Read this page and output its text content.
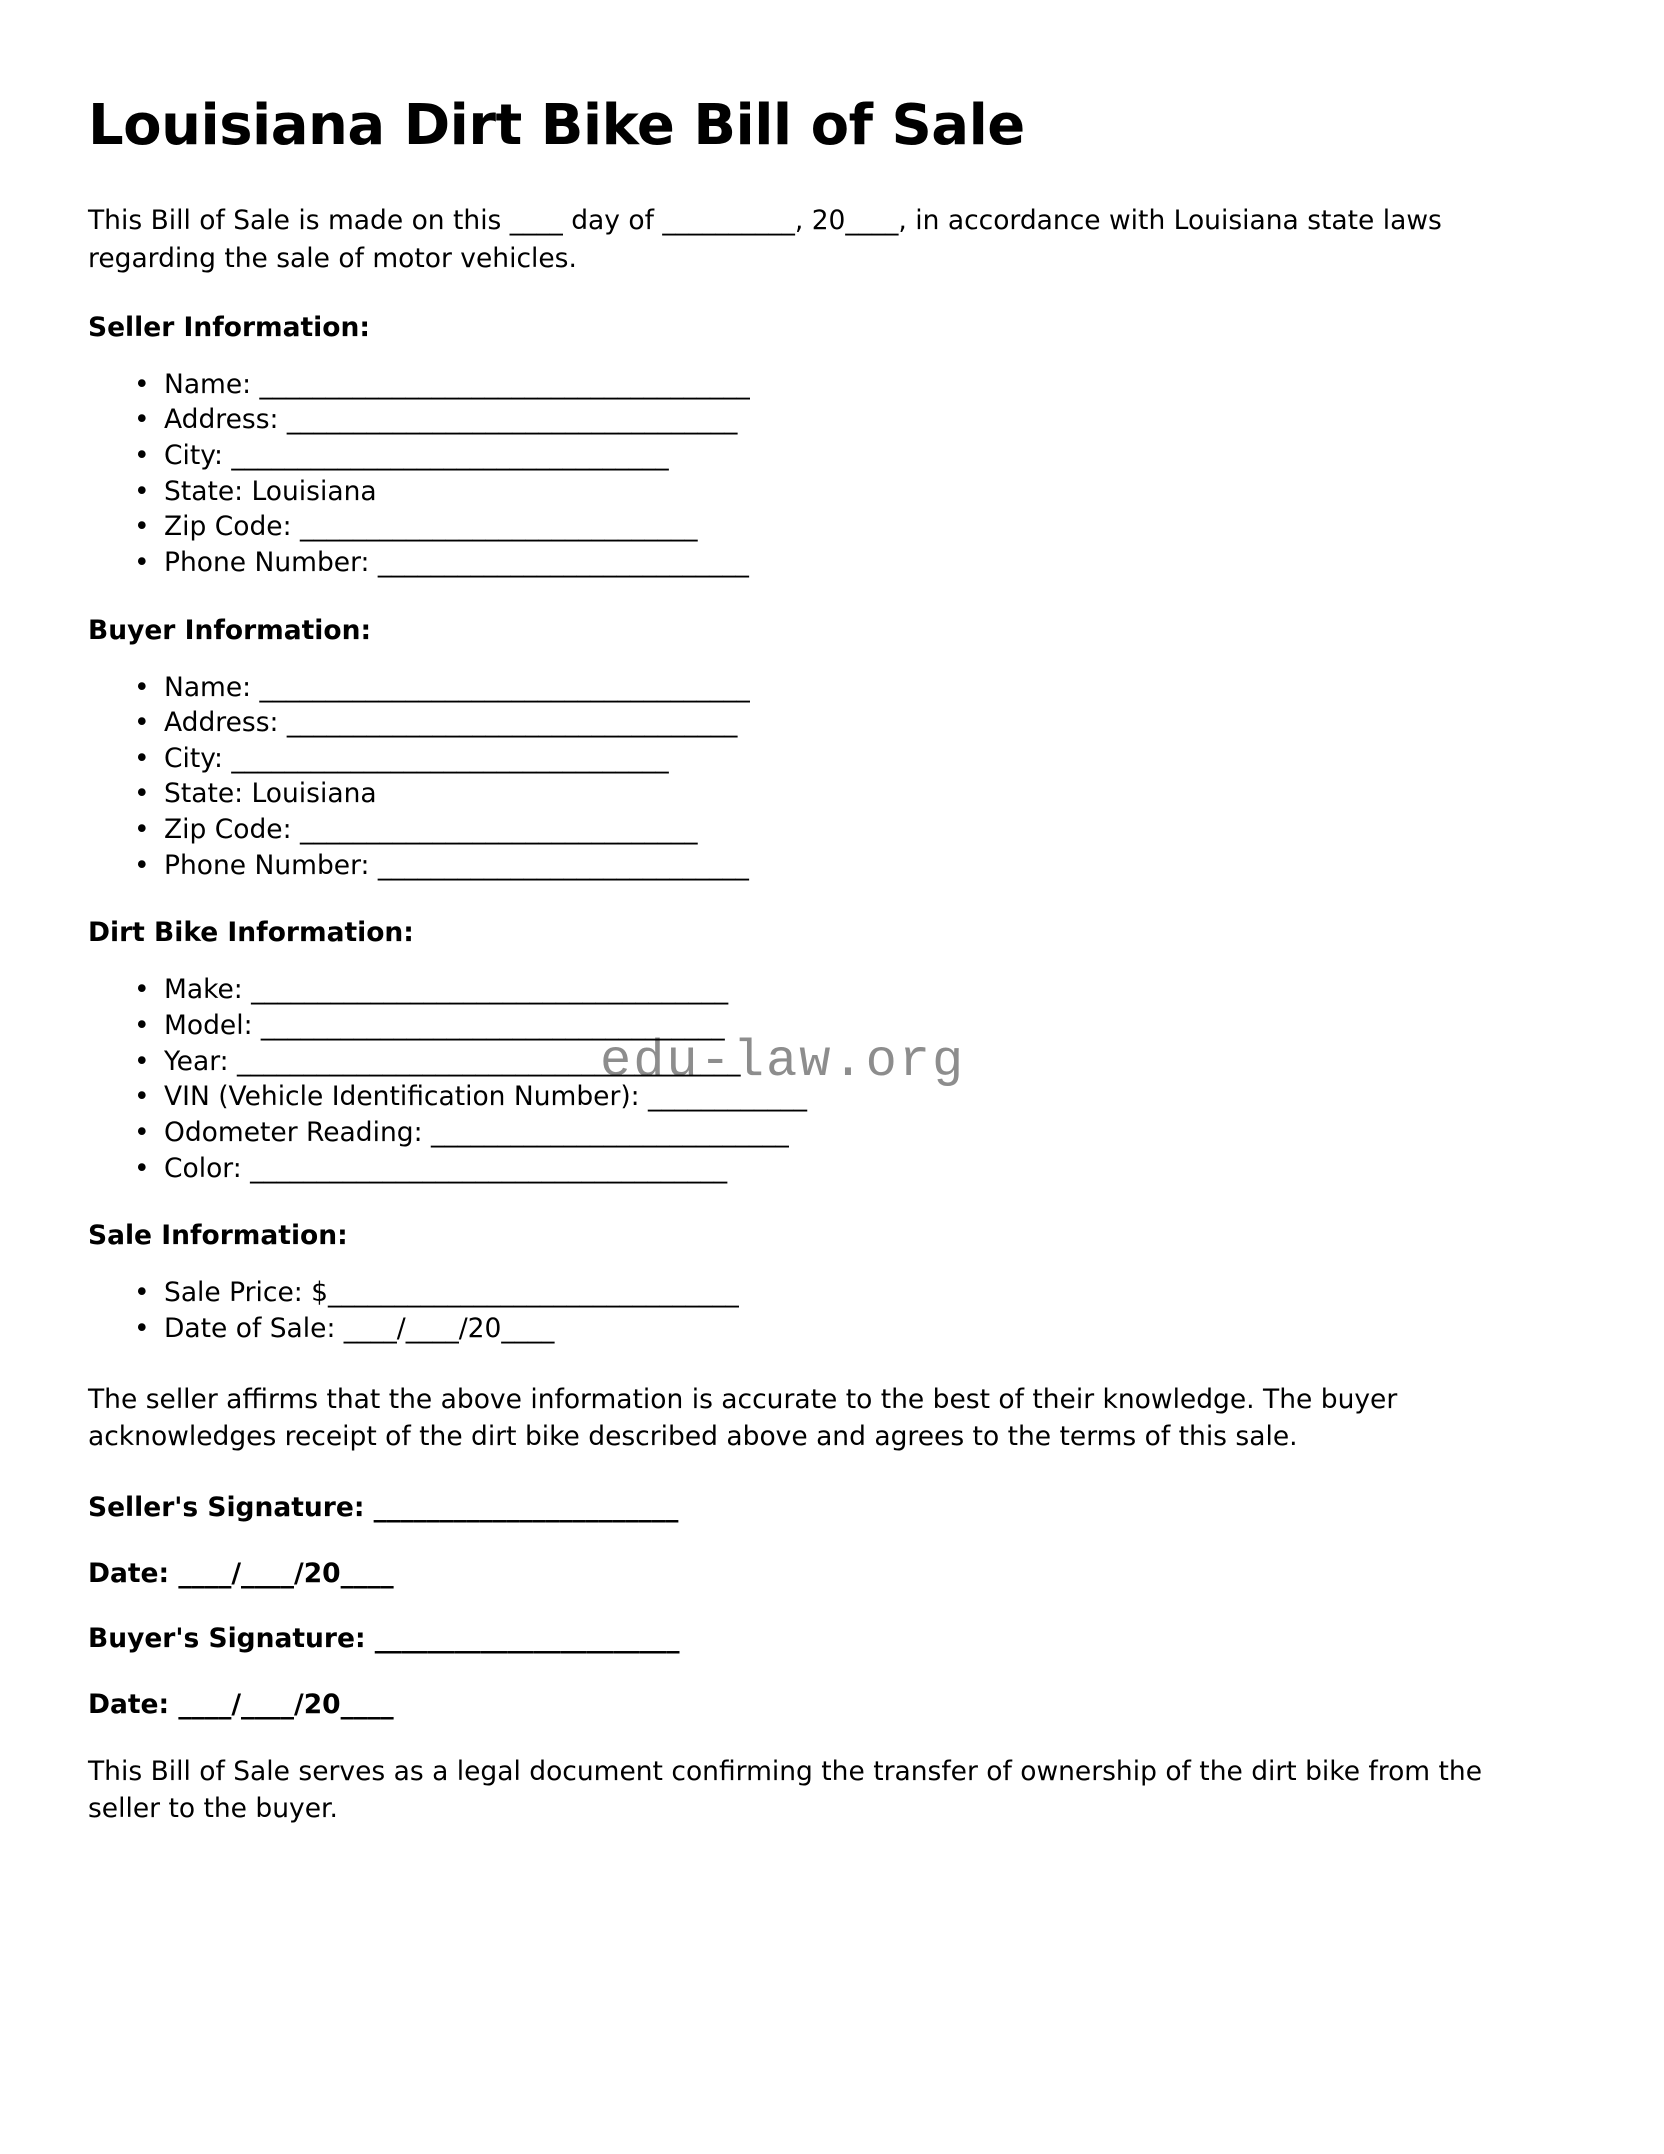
edu-law.org
Louisiana Dirt Bike Bill of Sale

This Bill of Sale is made on this ____ day of __________, 20____, in accordance with Louisiana state laws regarding the sale of motor vehicles.

Seller Information:
• Name: _____________________________________
• Address: __________________________________
• City: _________________________________
• State: Louisiana
• Zip Code: ______________________________
• Phone Number: ____________________________
Buyer Information:
• Name: _____________________________________
• Address: __________________________________
• City: _________________________________
• State: Louisiana
• Zip Code: ______________________________
• Phone Number: ____________________________
Dirt Bike Information:
• Make: ____________________________________
• Model: ___________________________________
• Year: ______________________________________
• VIN (Vehicle Identification Number): ____________
• Odometer Reading: ___________________________
• Color: ____________________________________
Sale Information:
• Sale Price: $_______________________________
• Date of Sale: ____/____/20____

The seller affirms that the above information is accurate to the best of their knowledge. The buyer acknowledges receipt of the dirt bike described above and agrees to the terms of this sale.

Seller's Signature: _______________________
Date: ____/____/20____
Buyer's Signature: _______________________
Date: ____/____/20____

This Bill of Sale serves as a legal document confirming the transfer of ownership of the dirt bike from the seller to the buyer.
